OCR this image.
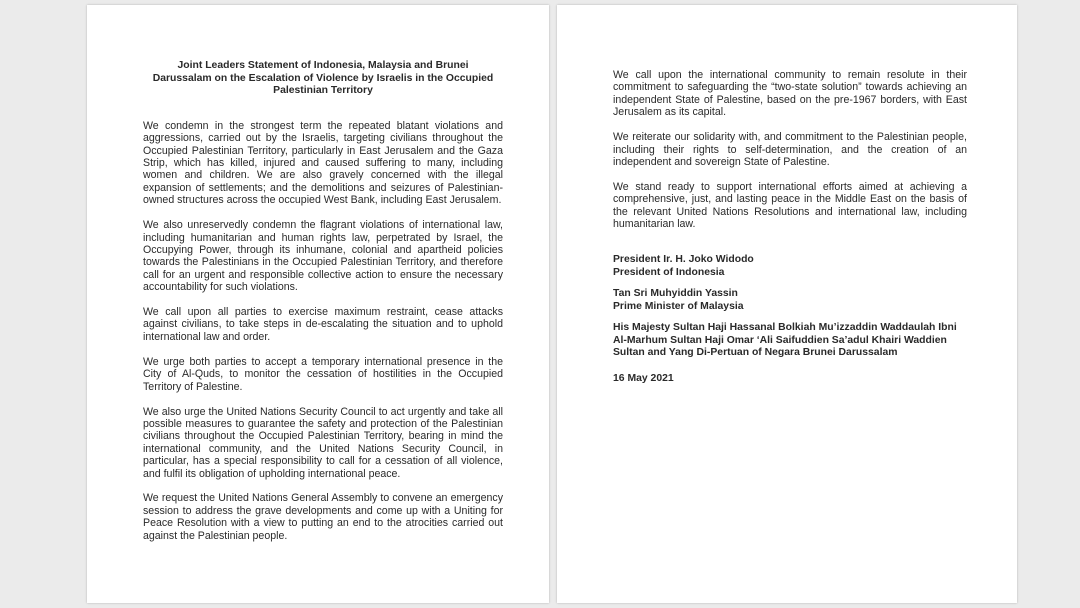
Joint Leaders Statement of Indonesia, Malaysia and Brunei Darussalam on the Escalation of Violence by Israelis in the Occupied Palestinian Territory

We condemn in the strongest term the repeated blatant violations and aggressions, carried out by the Israelis, targeting civilians throughout the Occupied Palestinian Territory, particularly in East Jerusalem and the Gaza Strip, which has killed, injured and caused suffering to many, including women and children. We are also gravely concerned with the illegal expansion of settlements; and the demolitions and seizures of Palestinian-owned structures across the occupied West Bank, including East Jerusalem.

We also unreservedly condemn the flagrant violations of international law, including humanitarian and human rights law, perpetrated by Israel, the Occupying Power, through its inhumane, colonial and apartheid policies towards the Palestinians in the Occupied Palestinian Territory, and therefore call for an urgent and responsible collective action to ensure the necessary accountability for such violations.

We call upon all parties to exercise maximum restraint, cease attacks against civilians, to take steps in de-escalating the situation and to uphold international law and order.

We urge both parties to accept a temporary international presence in the City of Al-Quds, to monitor the cessation of hostilities in the Occupied Territory of Palestine.

We also urge the United Nations Security Council to act urgently and take all possible measures to guarantee the safety and protection of the Palestinian civilians throughout the Occupied Palestinian Territory, bearing in mind the international community, and the United Nations Security Council, in particular, has a special responsibility to call for a cessation of all violence, and fulfil its obligation of upholding international peace.

We request the United Nations General Assembly to convene an emergency session to address the grave developments and come up with a Uniting for Peace Resolution with a view to putting an end to the atrocities carried out against the Palestinian people.

We call upon the international community to remain resolute in their commitment to safeguarding the “two-state solution” towards achieving an independent State of Palestine, based on the pre-1967 borders, with East Jerusalem as its capital.

We reiterate our solidarity with, and commitment to the Palestinian people, including their rights to self-determination, and the creation of an independent and sovereign State of Palestine.

We stand ready to support international efforts aimed at achieving a comprehensive, just, and lasting peace in the Middle East on the basis of the relevant United Nations Resolutions and international law, including humanitarian law.

President Ir. H. Joko Widodo
President of Indonesia
Tan Sri Muhyiddin Yassin
Prime Minister of Malaysia
His Majesty Sultan Haji Hassanal Bolkiah Mu’izzaddin Waddaulah Ibni
Al-Marhum Sultan Haji Omar ‘Ali Saifuddien Sa’adul Khairi Waddien
Sultan and Yang Di-Pertuan of Negara Brunei Darussalam
16 May 2021
